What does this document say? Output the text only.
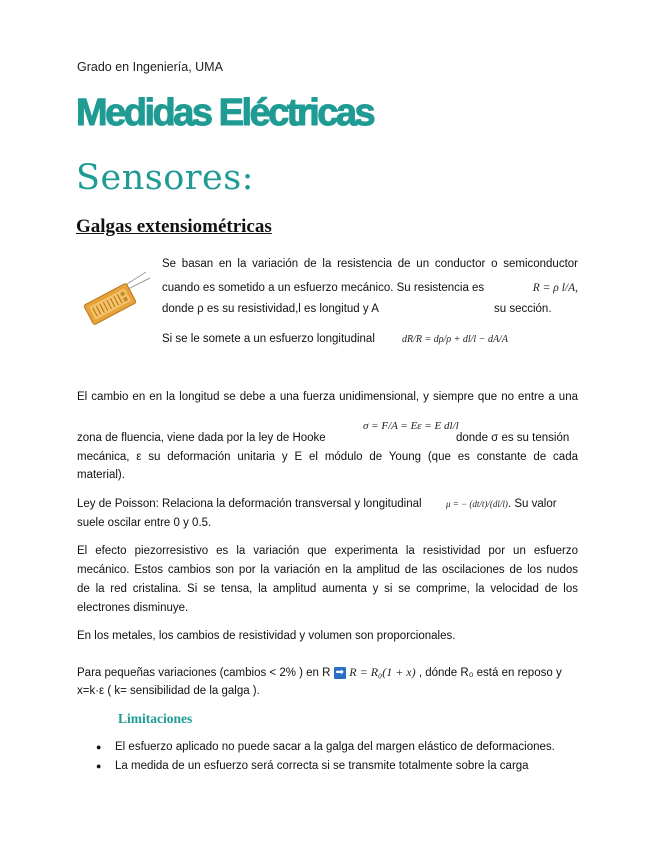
Grado en Ingeniería, UMA
Medidas Eléctricas
Sensores:
Galgas extensiométricas
Se basan en la variación de la resistencia de un conductor o semiconductor
cuando es sometido a un esfuerzo mecánico. Su resistencia es	R = ρ l/A,
donde ρ es su resistividad,l es longitud y A	su sección.
Si se le somete a un esfuerzo longitudinal	dR/R = dρ/ρ + dl/l − dA/A
El cambio en en la longitud se debe a una fuerza unidimensional, y siempre que no entre a una
zona de fluencia, viene dada por la ley de Hooke
σ = F/A = Eε = E dl/l
donde σ es su tensión
mecánica, ε su deformación unitaria y E el módulo de Young (que es constante de cada
material).
Ley de Poisson: Relaciona la deformación transversal y longitudinal	μ = − (dt/t)/(dl/l) . Su valor
suele oscilar entre 0 y 0.5.
El efecto piezorresistivo es la variación que experimenta la resistividad por un esfuerzo
mecánico. Estos cambios son por la variación en la amplitud de las oscilaciones de los nudos
de la red cristalina. Si se tensa, la amplitud aumenta y si se comprime, la velocidad de los
electrones disminuye.
En los metales, los cambios de resistividad y volumen son proporcionales.
Para pequeñas variaciones (cambios < 2% ) en R ➡ R = R₀(1 + x) , dónde R₀ está en reposo y
x=k·ε ( k= sensibilidad de la galga ).
Limitaciones
● El esfuerzo aplicado no puede sacar a la galga del margen elástico de deformaciones.
● La medida de un esfuerzo será correcta si se transmite totalmente sobre la carga
